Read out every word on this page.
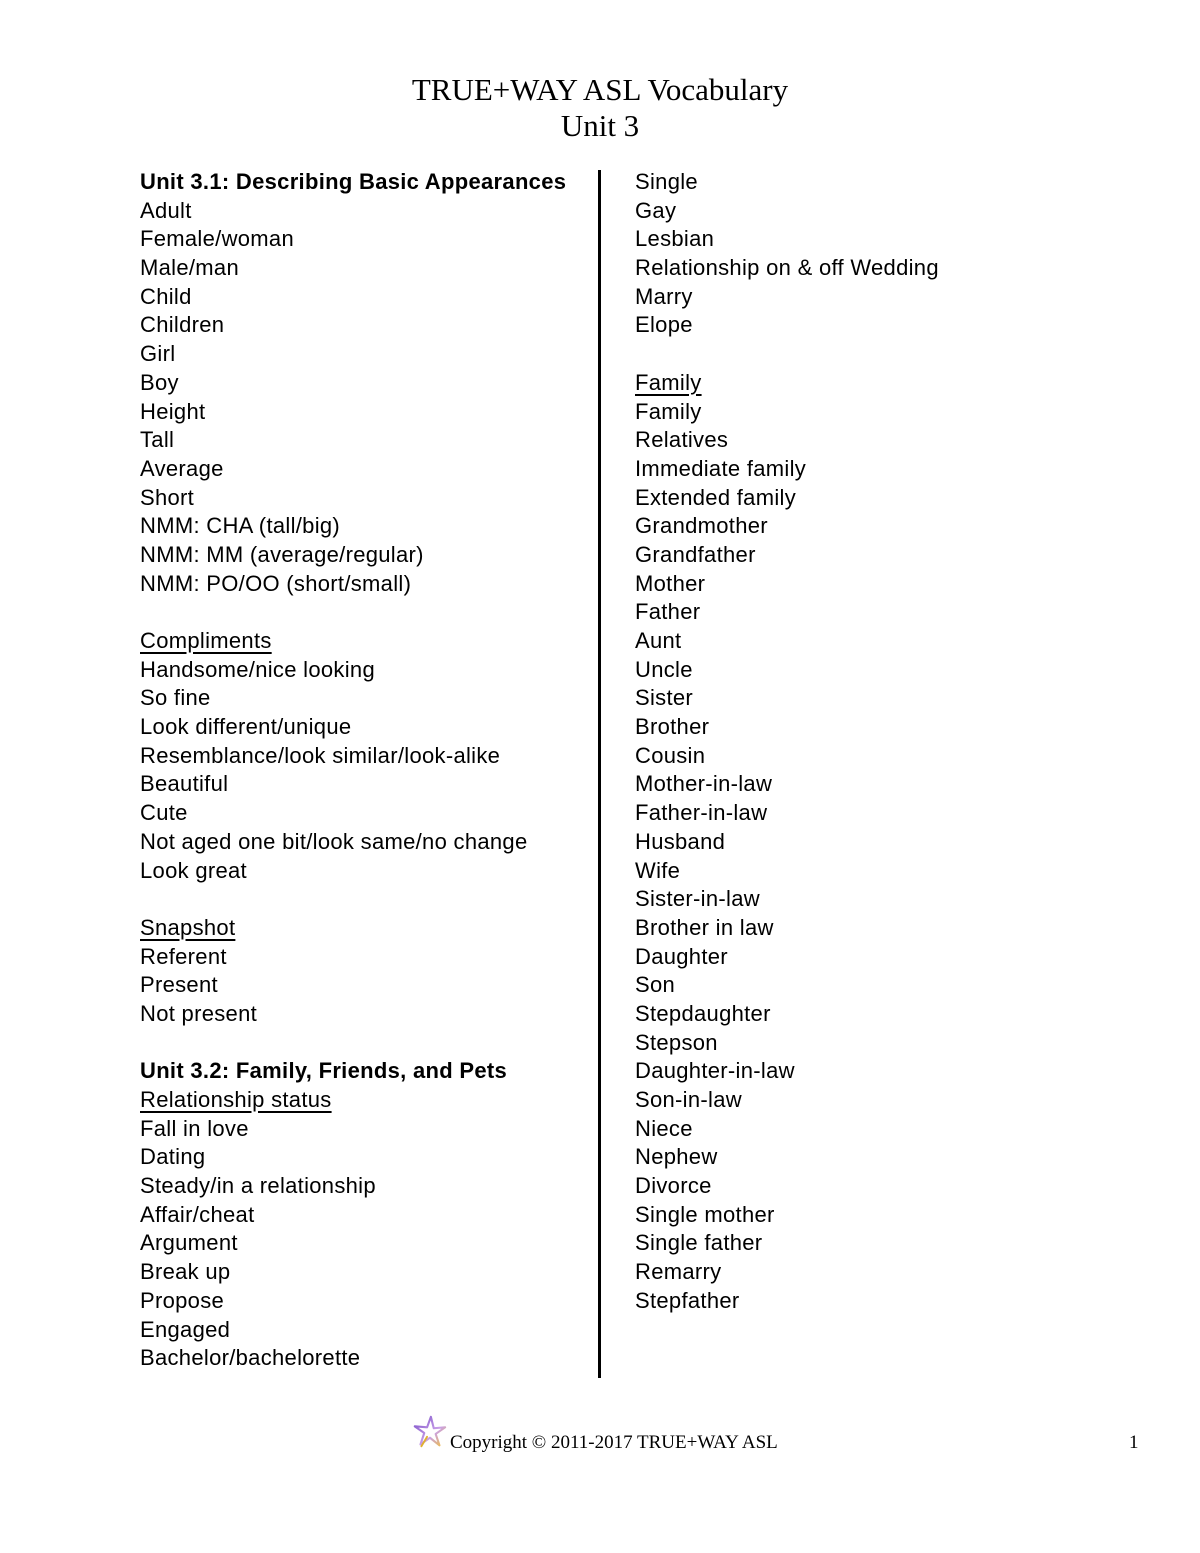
TRUE+WAY ASL Vocabulary
Unit 3
Unit 3.1: Describing Basic Appearances
Adult
Female/woman
Male/man
Child
Children
Girl
Boy
Height
Tall
Average
Short
NMM: CHA (tall/big)
NMM: MM (average/regular)
NMM: PO/OO (short/small)
Compliments
Handsome/nice looking
So fine
Look different/unique
Resemblance/look similar/look-alike
Beautiful
Cute
Not aged one bit/look same/no change
Look great
Snapshot
Referent
Present
Not present
Unit 3.2: Family, Friends, and Pets
Relationship status
Fall in love
Dating
Steady/in a relationship
Affair/cheat
Argument
Break up
Propose
Engaged
Bachelor/bachelorette
Single
Gay
Lesbian
Relationship on & off Wedding
Marry
Elope
Family
Family
Relatives
Immediate family
Extended family
Grandmother
Grandfather
Mother
Father
Aunt
Uncle
Sister
Brother
Cousin
Mother-in-law
Father-in-law
Husband
Wife
Sister-in-law
Brother in law
Daughter
Son
Stepdaughter
Stepson
Daughter-in-law
Son-in-law
Niece
Nephew
Divorce
Single mother
Single father
Remarry
Stepfather
Copyright © 2011-2017 TRUE+WAY ASL	1
